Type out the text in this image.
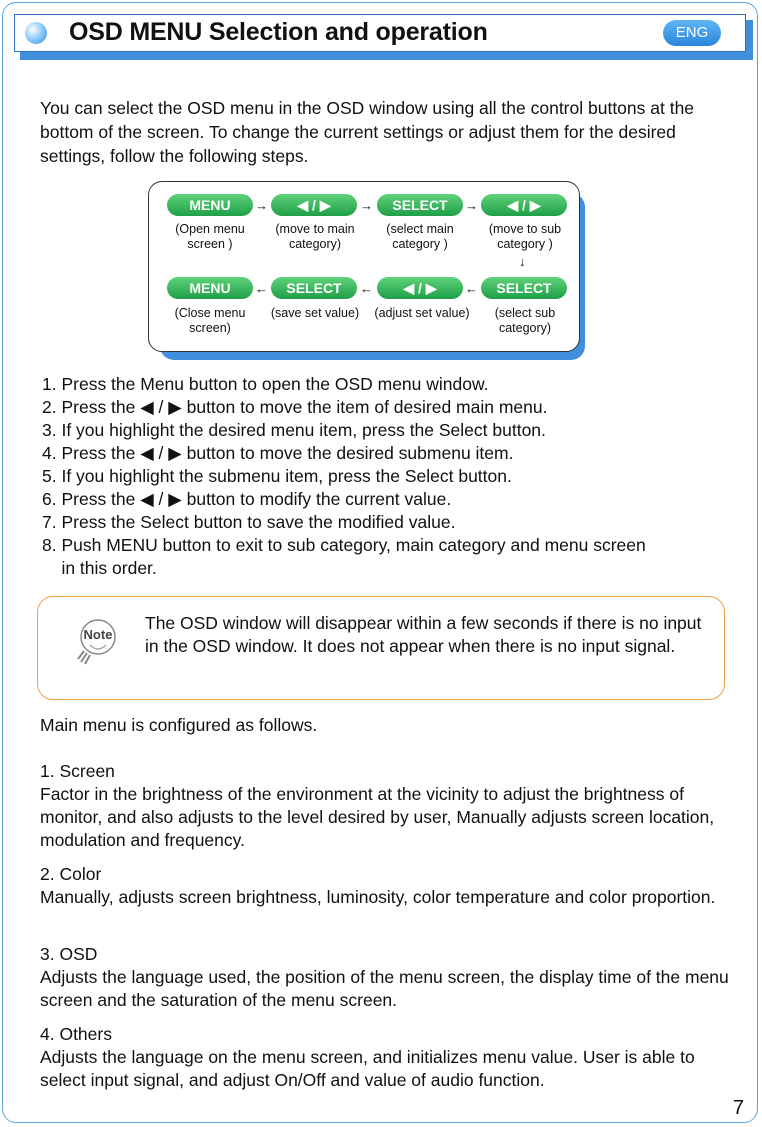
OSD MENU Selection and operation	ENG
You can select the OSD menu in the OSD window using all the control buttons at the bottom of the screen. To change the current settings or adjust them for the desired settings, follow the following steps.
MENU	◀ / ▶	SELECT	◀ / ▶
→	→	→
(Open menu screen )
(move to main category)
(select main category )
(move to sub category )
↓
MENU	SELECT	◀ / ▶	SELECT
←	←	←
(Close menu screen)
(save set value)	(adjust set value)	(select sub category)
1. Press the Menu button to open the OSD menu window.
2. Press the ◀ / ▶ button to move the item of desired main menu.
3. If you highlight the desired menu item, press the Select button.
4. Press the ◀ / ▶ button to move the desired submenu item.
5. If you highlight the submenu item, press the Select button.
6. Press the ◀ / ▶ button to modify the current value.
7. Press the Select button to save the modified value.
8. Push MENU button to exit to sub category, main category and menu screen
in this order.
Note
The OSD window will disappear within a few seconds if there is no input in the OSD window. It does not appear when there is no input signal.
Main menu is configured as follows.
1. Screen
Factor in the brightness of the environment at the vicinity to adjust the brightness of monitor, and also adjusts to the level desired by user, Manually adjusts screen location, modulation and frequency.
2. Color
Manually, adjusts screen brightness, luminosity, color temperature and color proportion.
3. OSD
Adjusts the language used, the position of the menu screen, the display time of the menu screen and the saturation of the menu screen.
4. Others
Adjusts the language on the menu screen, and initializes menu value. User is able to select input signal, and adjust On/Off and value of audio function.
7
